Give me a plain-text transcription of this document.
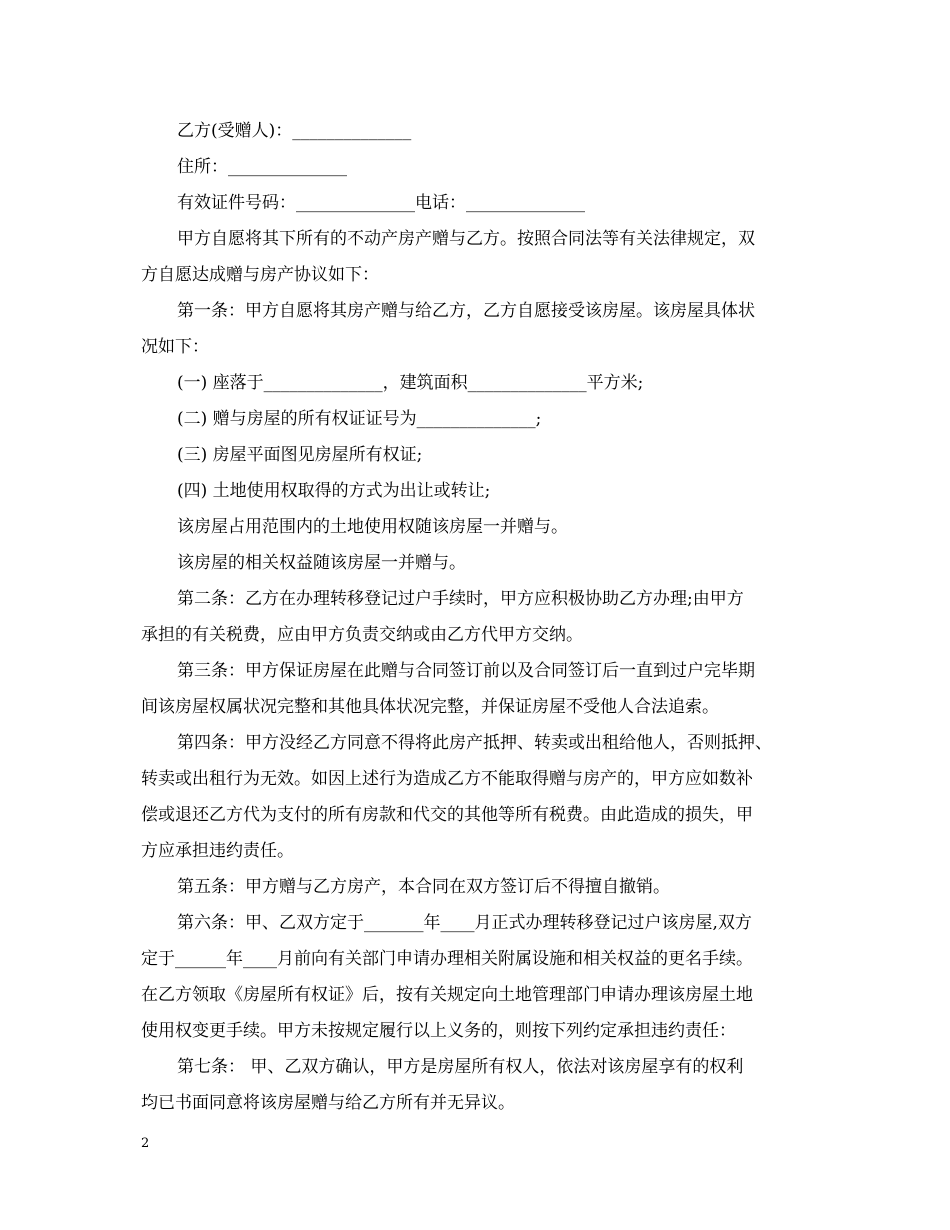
乙方(受赠人)：______________
住所：______________
有效证件号码：______________电话：______________
甲方自愿将其下所有的不动产房产赠与乙方。按照合同法等有关法律规定，双
方自愿达成赠与房产协议如下：
第一条：甲方自愿将其房产赠与给乙方，乙方自愿接受该房屋。该房屋具体状
况如下：
(一) 座落于______________，建筑面积______________平方米;
(二) 赠与房屋的所有权证证号为______________;
(三) 房屋平面图见房屋所有权证;
(四) 土地使用权取得的方式为出让或转让;
该房屋占用范围内的土地使用权随该房屋一并赠与。
该房屋的相关权益随该房屋一并赠与。
第二条：乙方在办理转移登记过户手续时，甲方应积极协助乙方办理;由甲方
承担的有关税费，应由甲方负责交纳或由乙方代甲方交纳。
第三条：甲方保证房屋在此赠与合同签订前以及合同签订后一直到过户完毕期
间该房屋权属状况完整和其他具体状况完整，并保证房屋不受他人合法追索。
第四条：甲方没经乙方同意不得将此房产抵押、转卖或出租给他人，否则抵押、
转卖或出租行为无效。如因上述行为造成乙方不能取得赠与房产的，甲方应如数补
偿或退还乙方代为支付的所有房款和代交的其他等所有税费。由此造成的损失，甲
方应承担违约责任。
第五条：甲方赠与乙方房产，本合同在双方签订后不得擅自撤销。
第六条：甲、乙双方定于_______年____月正式办理转移登记过户该房屋,双方
定于______年____月前向有关部门申请办理相关附属设施和相关权益的更名手续。
在乙方领取《房屋所有权证》后，按有关规定向土地管理部门申请办理该房屋土地
使用权变更手续。甲方未按规定履行以上义务的，则按下列约定承担违约责任：
第七条： 甲、乙双方确认，甲方是房屋所有权人，依法对该房屋享有的权利
均已书面同意将该房屋赠与给乙方所有并无异议。
2
